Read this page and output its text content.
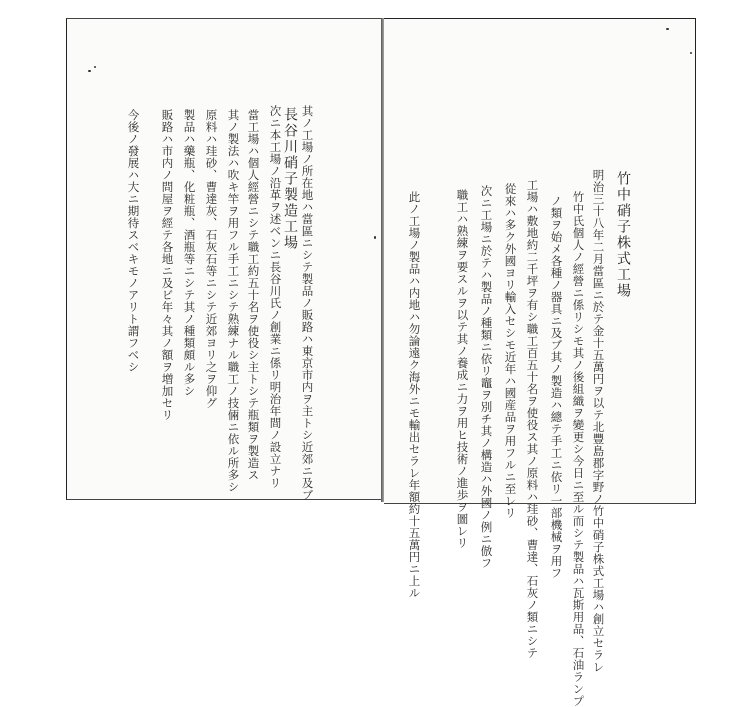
長谷川硝子製造工場 其ノ工場ノ所在地ハ當區ニシテ製品ノ販路ハ東京市内ヲ主トシ近郊ニ及ブ
次ニ本工場ノ沿革ヲ述ベンニ長谷川氏ノ創業ニ係リ明治年間ノ設立ナリ
當工場ハ個人經營ニシテ職工約五十名ヲ使役シ主トシテ瓶類ヲ製造ス
其ノ製法ハ吹キ竿ヲ用フル手工ニシテ熟練ナル職工ノ技倆ニ依ル所多シ
原料ハ珪砂、曹達灰、石灰石等ニシテ近郊ヨリ之ヲ仰グ
製品ハ藥瓶、化粧瓶、酒瓶等ニシテ其ノ種類頗ル多シ
販路ハ市内ノ問屋ヲ經テ各地ニ及ビ年々其ノ額ヲ増加セリ
今後ノ發展ハ大ニ期待スベキモノアリト謂フベシ	竹中硝子株式工場
明治三十八年二月當區ニ於テ金十五萬円ヲ以テ北豐島郡字野ノ竹中硝子株式工場ハ創立セラレ
竹中氏個人ノ經營ニ係リシモ其ノ後組織ヲ變更シ今日ニ至ル而シテ製品ハ瓦斯用品、石油ランプ
ノ類ヲ始メ各種ノ器具ニ及ブ其ノ製造ハ總テ手工ニ依リ一部機械ヲ用フ
工場ハ敷地約二千坪ヲ有シ職工百五十名ヲ使役ス其ノ原料ハ珪砂、曹達、石灰ノ類ニシテ
從來ハ多ク外國ヨリ輸入セシモ近年ハ國産品ヲ用フルニ至レリ
次ニ工場ニ於テハ製品ノ種類ニ依リ竈ヲ別チ其ノ構造ハ外國ノ例ニ倣フ
職工ハ熟練ヲ要スルヲ以テ其ノ養成ニ力ヲ用ヒ技術ノ進歩ヲ圖レリ
此ノ工場ノ製品ハ内地ハ勿論遠ク海外ニモ輸出セラレ年額約十五萬円ニ上ル
